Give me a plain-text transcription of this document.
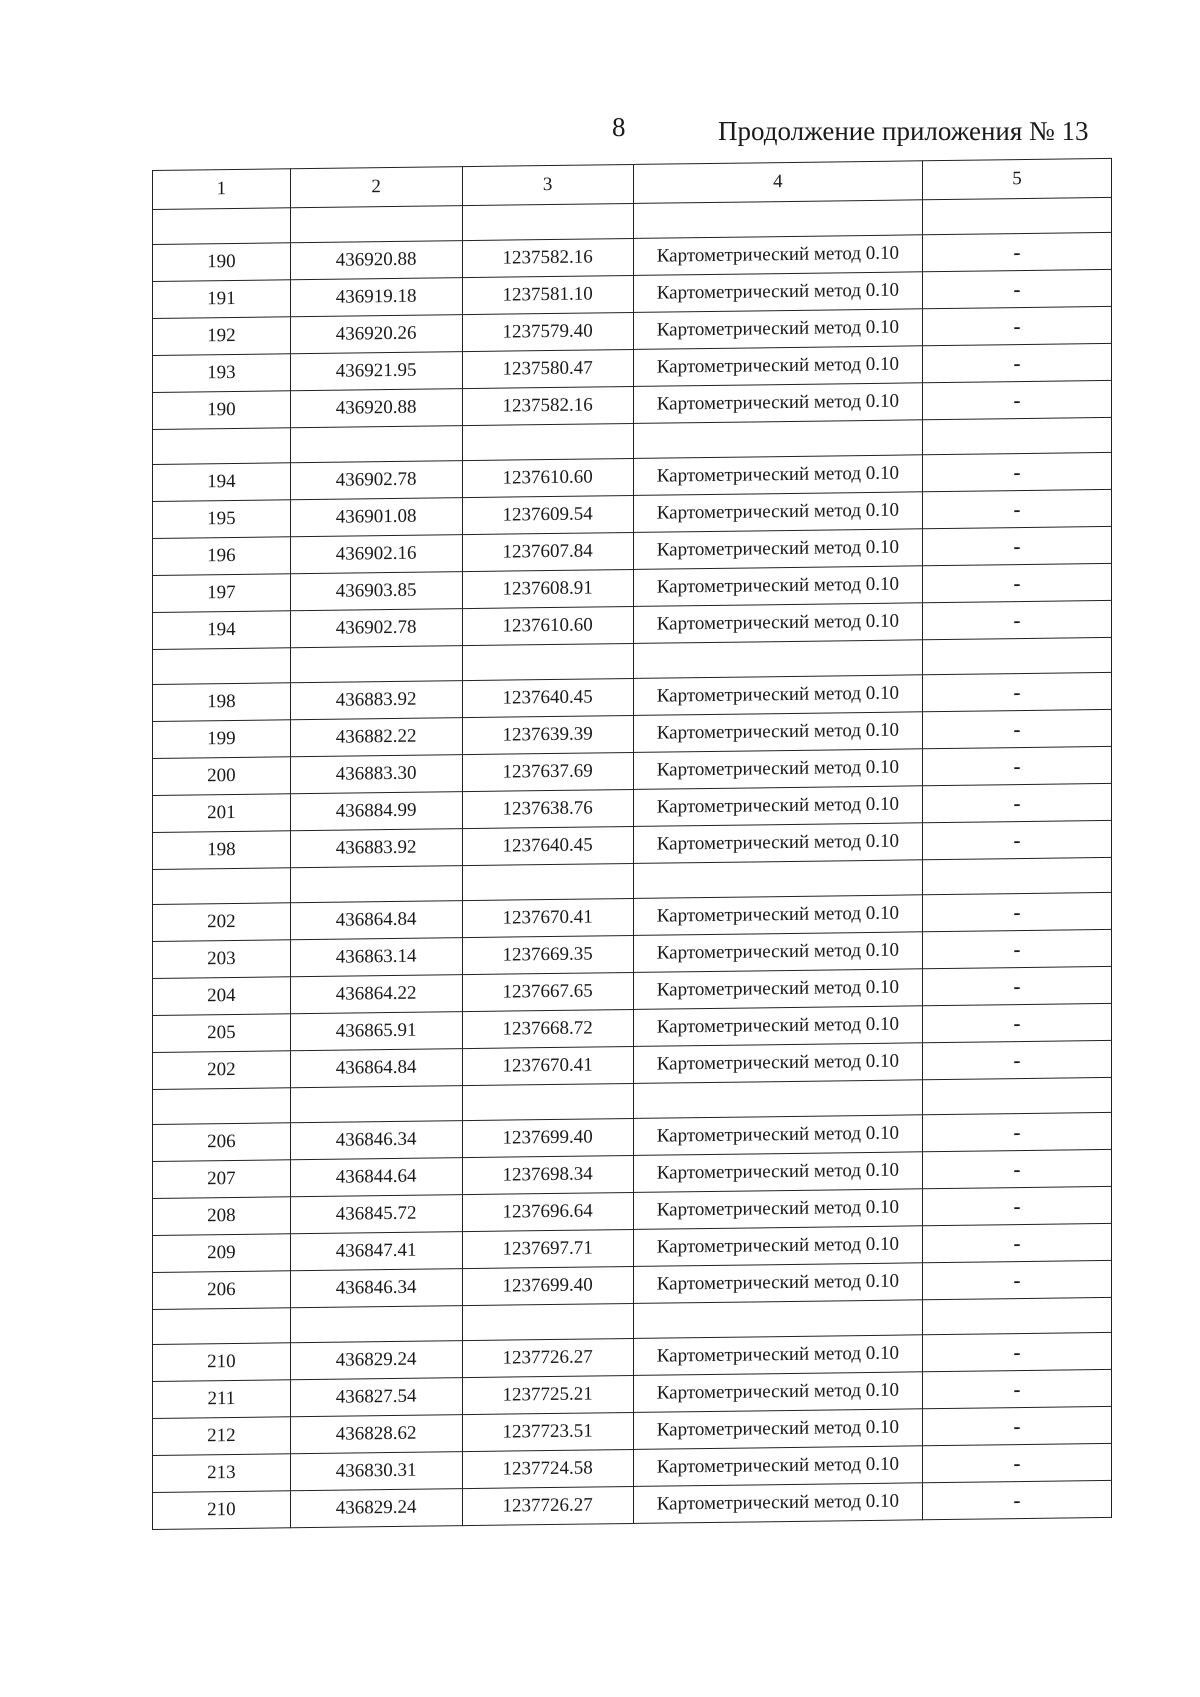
8	Продолжение приложения № 13
1	2	3	4	5

190	436920.88	1237582.16	Картометрический метод 0.10	-
191	436919.18	1237581.10	Картометрический метод 0.10	-
192	436920.26	1237579.40	Картометрический метод 0.10	-
193	436921.95	1237580.47	Картометрический метод 0.10	-
190	436920.88	1237582.16	Картометрический метод 0.10	-

194	436902.78	1237610.60	Картометрический метод 0.10	-
195	436901.08	1237609.54	Картометрический метод 0.10	-
196	436902.16	1237607.84	Картометрический метод 0.10	-
197	436903.85	1237608.91	Картометрический метод 0.10	-
194	436902.78	1237610.60	Картометрический метод 0.10	-

198	436883.92	1237640.45	Картометрический метод 0.10	-
199	436882.22	1237639.39	Картометрический метод 0.10	-
200	436883.30	1237637.69	Картометрический метод 0.10	-
201	436884.99	1237638.76	Картометрический метод 0.10	-
198	436883.92	1237640.45	Картометрический метод 0.10	-

202	436864.84	1237670.41	Картометрический метод 0.10	-
203	436863.14	1237669.35	Картометрический метод 0.10	-
204	436864.22	1237667.65	Картометрический метод 0.10	-
205	436865.91	1237668.72	Картометрический метод 0.10	-
202	436864.84	1237670.41	Картометрический метод 0.10	-

206	436846.34	1237699.40	Картометрический метод 0.10	-
207	436844.64	1237698.34	Картометрический метод 0.10	-
208	436845.72	1237696.64	Картометрический метод 0.10	-
209	436847.41	1237697.71	Картометрический метод 0.10	-
206	436846.34	1237699.40	Картометрический метод 0.10	-

210	436829.24	1237726.27	Картометрический метод 0.10	-
211	436827.54	1237725.21	Картометрический метод 0.10	-
212	436828.62	1237723.51	Картометрический метод 0.10	-
213	436830.31	1237724.58	Картометрический метод 0.10	-
210	436829.24	1237726.27	Картометрический метод 0.10	-
